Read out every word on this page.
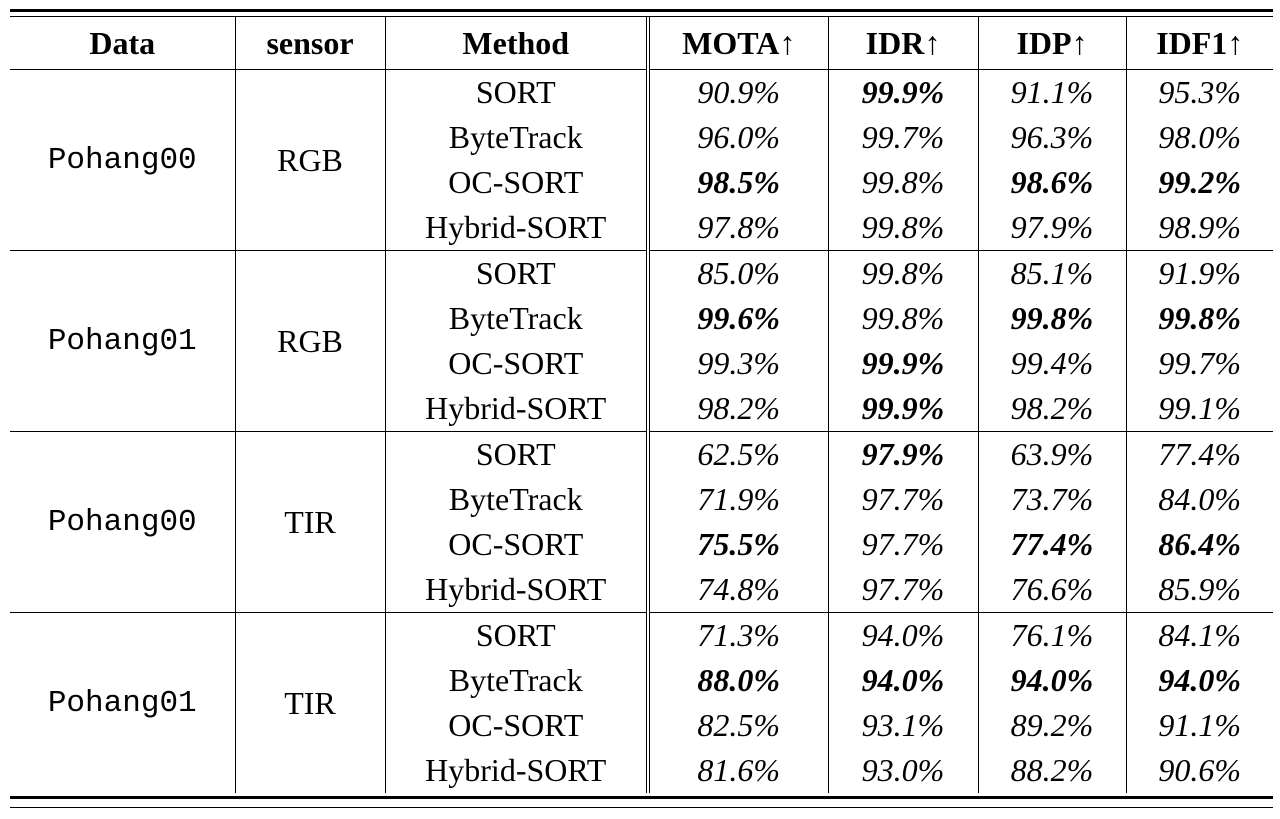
Data	sensor	Method	MOTA↑	IDR↑	IDP↑	IDF1↑
Pohang00	RGB	SORT	90.9%	99.9%	91.1%	95.3%
		ByteTrack	96.0%	99.7%	96.3%	98.0%
		OC-SORT	98.5%	99.8%	98.6%	99.2%
		Hybrid-SORT	97.8%	99.8%	97.9%	98.9%
Pohang01	RGB	SORT	85.0%	99.8%	85.1%	91.9%
		ByteTrack	99.6%	99.8%	99.8%	99.8%
		OC-SORT	99.3%	99.9%	99.4%	99.7%
		Hybrid-SORT	98.2%	99.9%	98.2%	99.1%
Pohang00	TIR	SORT	62.5%	97.9%	63.9%	77.4%
		ByteTrack	71.9%	97.7%	73.7%	84.0%
		OC-SORT	75.5%	97.7%	77.4%	86.4%
		Hybrid-SORT	74.8%	97.7%	76.6%	85.9%
Pohang01	TIR	SORT	71.3%	94.0%	76.1%	84.1%
		ByteTrack	88.0%	94.0%	94.0%	94.0%
		OC-SORT	82.5%	93.1%	89.2%	91.1%
		Hybrid-SORT	81.6%	93.0%	88.2%	90.6%
